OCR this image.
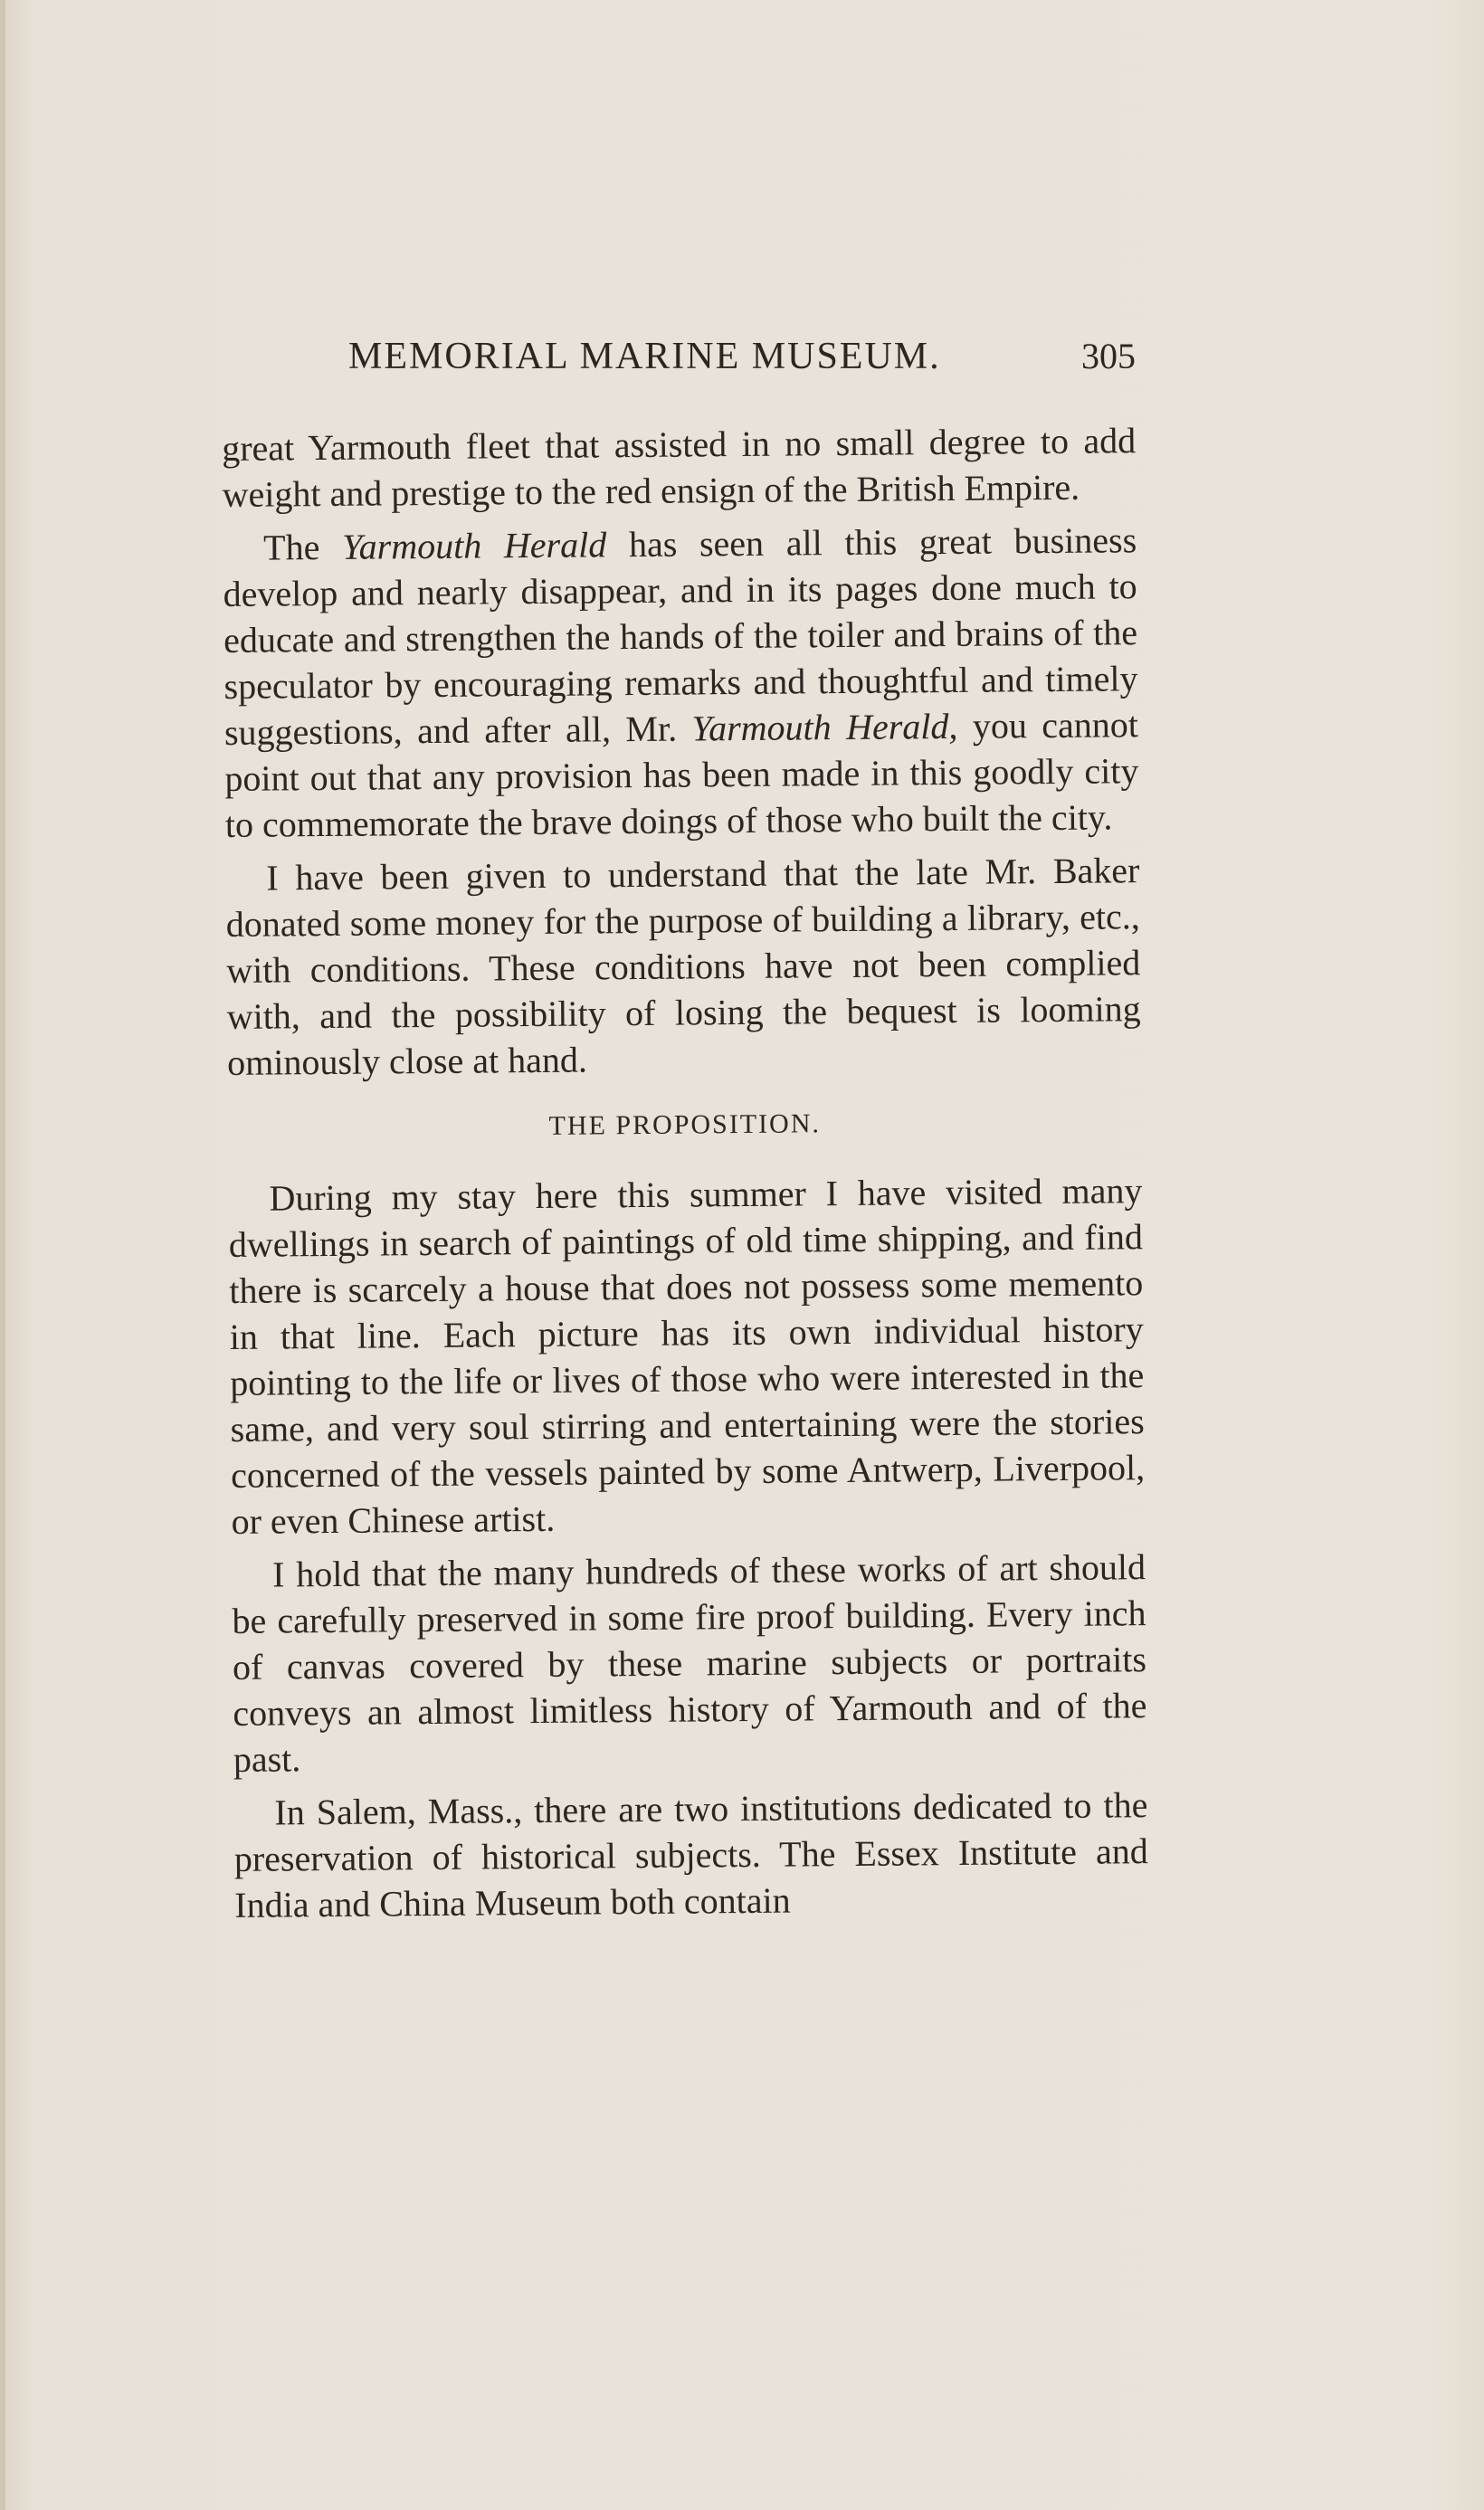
MEMORIAL MARINE MUSEUM.	305

great Yarmouth fleet that assisted in no small degree to add weight and prestige to the red ensign of the British Empire.

The Yarmouth Herald has seen all this great business develop and nearly disappear, and in its pages done much to educate and strengthen the hands of the toiler and brains of the speculator by encouraging remarks and thoughtful and timely suggestions, and after all, Mr. Yarmouth Herald, you cannot point out that any provision has been made in this goodly city to commemorate the brave doings of those who built the city.

I have been given to understand that the late Mr. Baker donated some money for the purpose of building a library, etc., with conditions. These conditions have not been complied with, and the possibility of losing the bequest is looming ominously close at hand.

THE PROPOSITION.

During my stay here this summer I have visited many dwellings in search of paintings of old time shipping, and find there is scarcely a house that does not possess some memento in that line. Each picture has its own individual history pointing to the life or lives of those who were interested in the same, and very soul stirring and entertaining were the stories concerned of the vessels painted by some Antwerp, Liverpool, or even Chinese artist.

I hold that the many hundreds of these works of art should be carefully preserved in some fire proof building. Every inch of canvas covered by these marine subjects or portraits conveys an almost limitless history of Yarmouth and of the past.

In Salem, Mass., there are two institutions dedicated to the preservation of historical subjects. The Essex Institute and India and China Museum both contain
